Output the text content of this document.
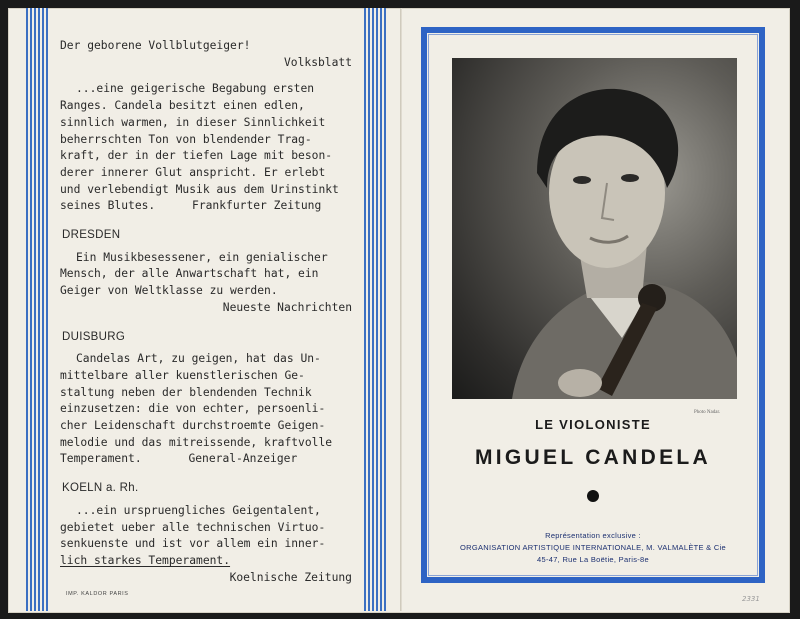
Der geborene Vollblutgeiger!

Volksblatt

...eine geigerische Begabung ersten

Ranges. Candela besitzt einen edlen,

sinnlich warmen, in dieser Sinnlichkeit

beherrschten Ton von blendender Trag-

kraft, der in der tiefen Lage mit beson-

derer innerer Glut anspricht. Er erlebt

und verlebendigt Musik aus dem Urinstinkt

seines Blutes.	Frankfurter Zeitung

DRESDEN

Ein Musikbesessener, ein genialischer

Mensch, der alle Anwartschaft hat, ein

Geiger von Weltklasse zu werden.

Neueste Nachrichten

DUISBURG

Candelas Art, zu geigen, hat das Un-

mittelbare aller kuenstlerischen Ge-

staltung neben der blendenden Technik

einzusetzen: die von echter, persoenli-

cher Leidenschaft durchstroemte Geigen-

melodie und das mitreissende, kraftvolle

Temperament.	General-Anzeiger

KOELN a. Rh.

...ein urspruengliches Geigentalent,

gebietet ueber alle technischen Virtuo-

senkuenste und ist vor allem ein inner-

lich starkes Temperament.

Koelnische Zeitung

IMP. KALDOR PARIS
Photo Nadar.
LE VIOLONISTE
MIGUEL CANDELA
Représentation exclusive :
ORGANISATION ARTISTIQUE INTERNATIONALE, M. VALMALÈTE & Cie
45-47, Rue La Boëtie, Paris-8e
2331
